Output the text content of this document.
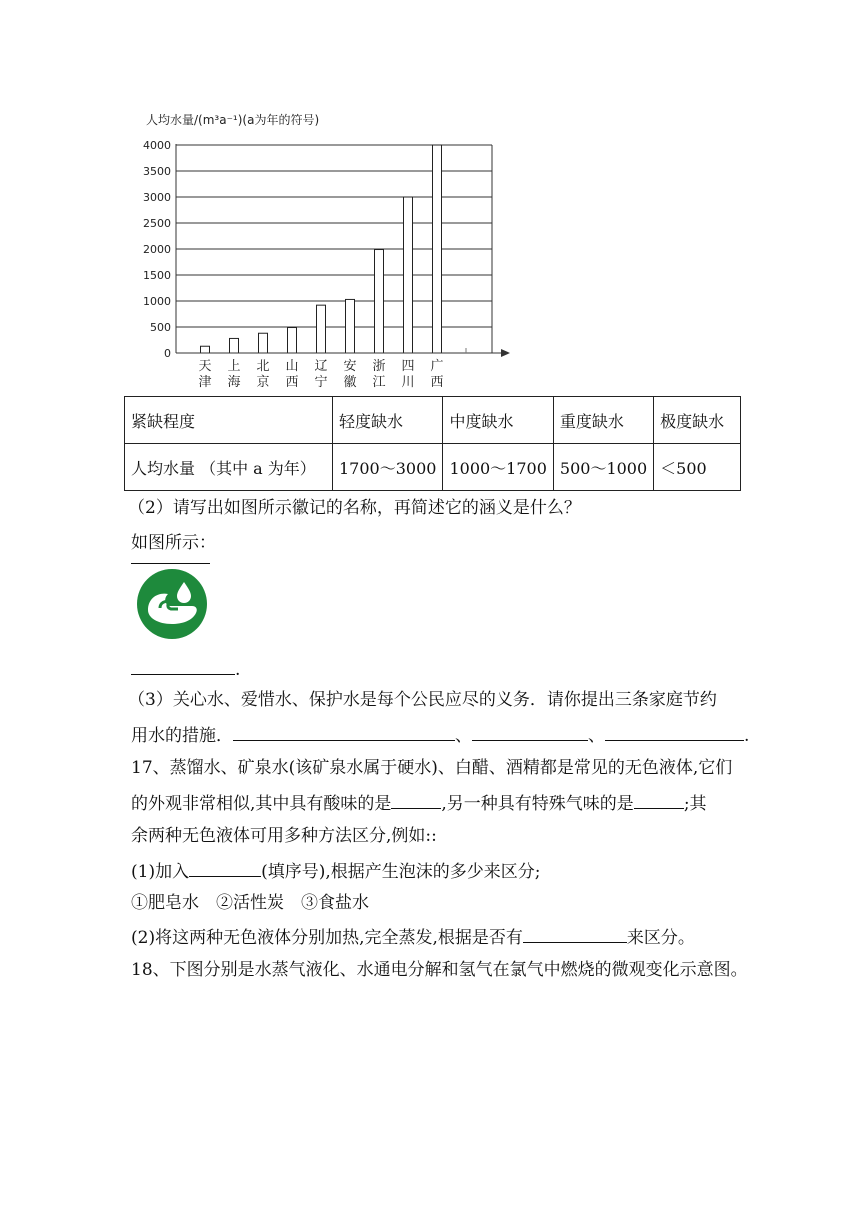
人均水量/(m³a⁻¹)(a为年的符号)
0
500
1000
1500
2000
2500
3000
3500
4000
天
津
上
海
北
京
山
西
辽
宁
安
徽
浙
江
四
川
广
西
紧缺程度	轻度缺水	中度缺水	重度缺水	极度缺水
人均水量 （其中 a 为年）	1700～3000	1000～1700	500～1000	＜500
（2）请写出如图所示徽记的名称，再简述它的涵义是什么？
如图所示：
.
（3）关心水、爱惜水、保护水是每个公民应尽的义务．请你提出三条家庭节约
用水的措施．	、	、	.
17、蒸馏水、矿泉水(该矿泉水属于硬水)、白醋、酒精都是常见的无色液体,它们
的外观非常相似,其中具有酸味的是	,另一种具有特殊气味的是	;其
余两种无色液体可用多种方法区分,例如::
(1)加入	(填序号),根据产生泡沫的多少来区分;
①肥皂水　②活性炭　③食盐水
(2)将这两种无色液体分别加热,完全蒸发,根据是否有	来区分。
18、下图分别是水蒸气液化、水通电分解和氢气在氯气中燃烧的微观变化示意图。
